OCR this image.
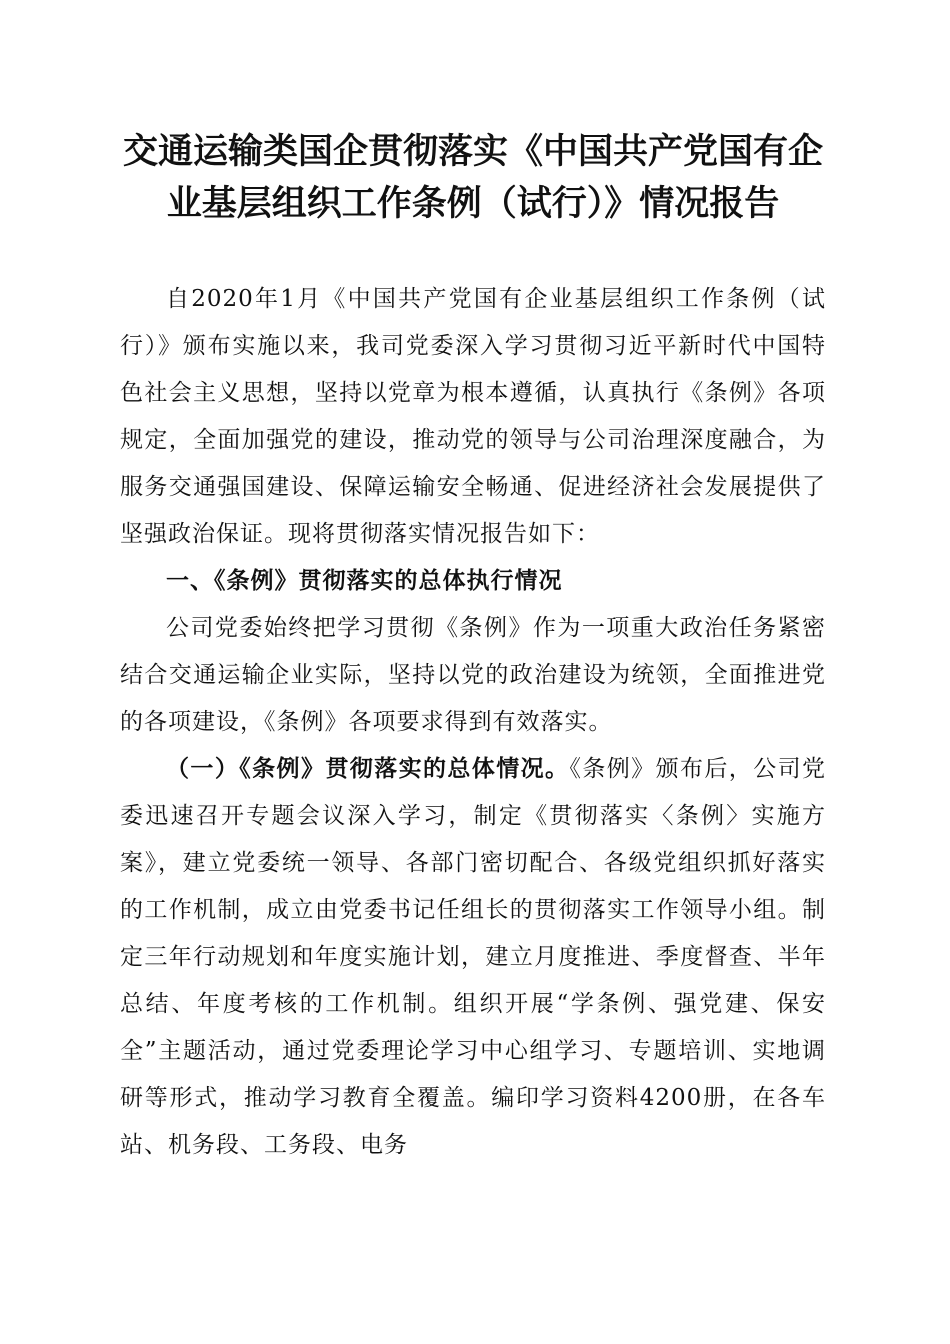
交通运输类国企贯彻落实《中国共产党国有企
业基层组织工作条例（试行）》情况报告

自2020年1月《中国共产党国有企业基层组织工作条例（试行）》颁布实施以来，我司党委深入学习贯彻习近平新时代中国特色社会主义思想，坚持以党章为根本遵循，认真执行《条例》各项规定，全面加强党的建设，推动党的领导与公司治理深度融合，为服务交通强国建设、保障运输安全畅通、促进经济社会发展提供了坚强政治保证。现将贯彻落实情况报告如下：

一、《条例》贯彻落实的总体执行情况

公司党委始终把学习贯彻《条例》作为一项重大政治任务紧密结合交通运输企业实际，坚持以党的政治建设为统领，全面推进党的各项建设，《条例》各项要求得到有效落实。

（一）《条例》贯彻落实的总体情况。《条例》颁布后，公司党委迅速召开专题会议深入学习，制定《贯彻落实〈条例〉实施方案》，建立党委统一领导、各部门密切配合、各级党组织抓好落实的工作机制，成立由党委书记任组长的贯彻落实工作领导小组。制定三年行动规划和年度实施计划，建立月度推进、季度督查、半年总结、年度考核的工作机制。组织开展“学条例、强党建、保安全”主题活动，通过党委理论学习中心组学习、专题培训、实地调研等形式，推动学习教育全覆盖。编印学习资料4200册，在各车站、机务段、工务段、电务
